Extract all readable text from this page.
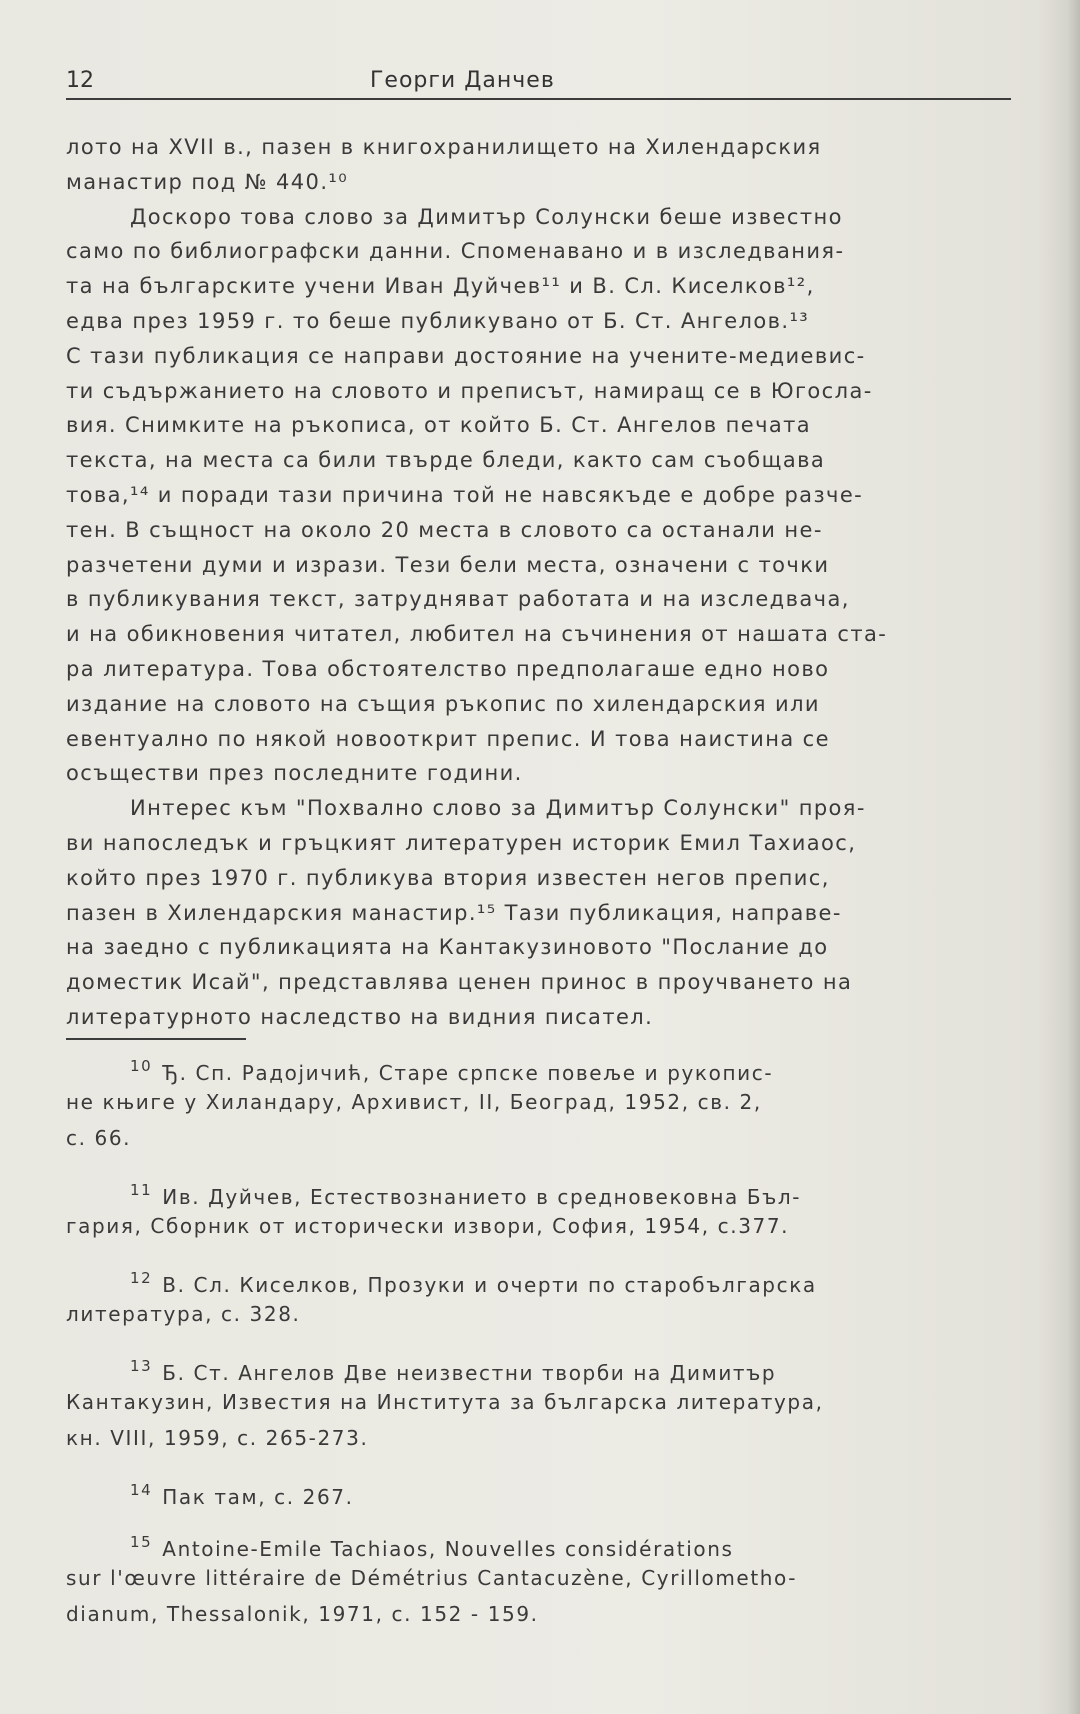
12	Георги Данчев
лото на XVII в., пазен в книгохранилището на Хилендарския
манастир под № 440.¹⁰
Доскоро това слово за Димитър Солунски беше известно
само по библиографски данни. Споменавано и в изследвания-
та на българските учени Иван Дуйчев¹¹ и В. Сл. Киселков¹²,
едва през 1959 г. то беше публикувано от Б. Ст. Ангелов.¹³
С тази публикация се направи достояние на учените-медиевис-
ти съдържанието на словото и преписът, намиращ се в Югосла-
вия. Снимките на ръкописа, от който Б. Ст. Ангелов печата
текста, на места са били твърде бледи, както сам съобщава
това,¹⁴ и поради тази причина той не навсякъде е добре разче-
тен. В същност на около 20 места в словото са останали не-
разчетени думи и изрази. Тези бели места, означени с точки
в публикувания текст, затрудняват работата и на изследвача,
и на обикновения читател, любител на съчинения от нашата ста-
ра литература. Това обстоятелство предполагаше едно ново
издание на словото на същия ръкопис по хилендарския или
евентуално по някой новооткрит препис. И това наистина се
осъществи през последните години.
Интерес към "Похвално слово за Димитър Солунски" проя-
ви напоследък и гръцкият литературен историк Емил Тахиаос,
който през 1970 г. публикува втория известен негов препис,
пазен в Хилендарския манастир.¹⁵ Тази публикация, направе-
на заедно с публикацията на Кантакузиновото "Послание до
доместик Исай", представлява ценен принос в проучването на
литературното наследство на видния писател.
$^{10}$ Ђ. Сп. Радојичић, Старе српске повеље и рукопис-
не књиге у Хиландару, Архивист, II, Београд, 1952, св. 2,
с. 66.
$^{11}$ Ив. Дуйчев, Естествознанието в средновековна Бъл-
гария, Сборник от исторически извори, София, 1954, с.377.
$^{12}$ В. Сл. Киселков, Прозуки и очерти по старобългарска
литература, с. 328.
$^{13}$ Б. Ст. Ангелов Две неизвестни творби на Димитър
Кантакузин, Известия на Института за българска литература,
кн. VIII, 1959, с. 265-273.
$^{14}$ Пак там, с. 267.
$^{15}$ Antoine-Emile Tachiaos, Nouvelles considérations
sur l'œuvre littéraire de Démétrius Cantacuzène, Cyrillometho-
dianum, Thessalonik, 1971, с. 152 - 159.
